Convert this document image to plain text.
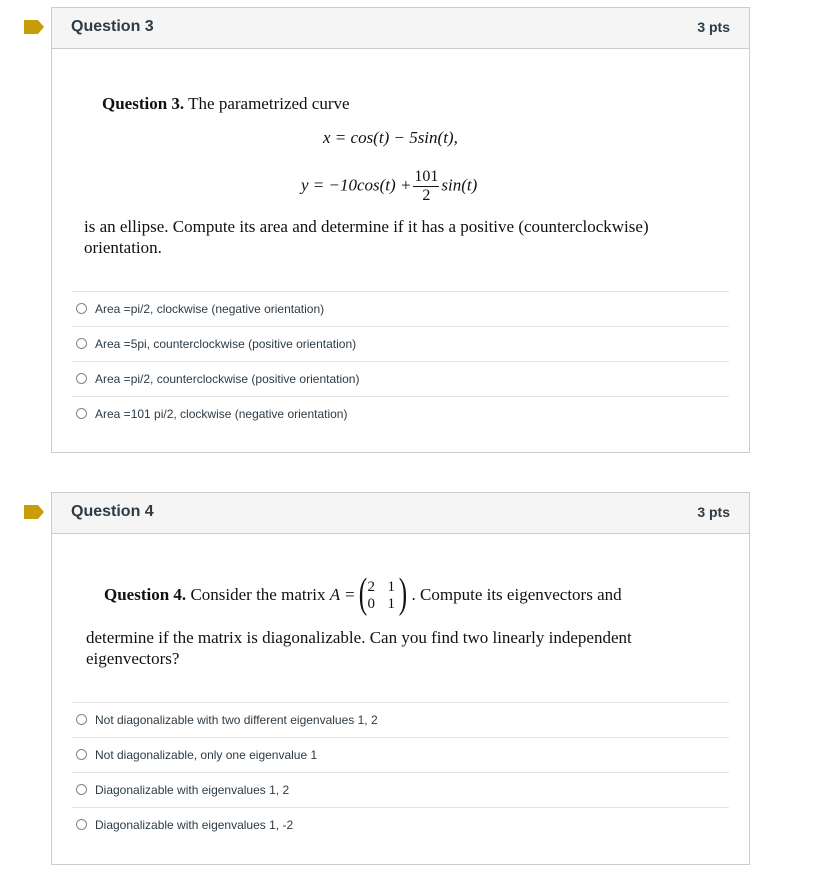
Question 3	3 pts
Question 3. The parametrized curve
x = cos(t) − 5sin(t),
$y = -10\cos(t) + \frac{101}{2} \sin(t)$
is an ellipse. Compute its area and determine if it has a positive (counterclockwise)
orientation.
Area =pi/2, clockwise (negative orientation)
Area =5pi, counterclockwise (positive orientation)
Area =pi/2, counterclockwise (positive orientation)
Area =101 pi/2, clockwise (negative orientation)
Question 4	3 pts
Question 4. Consider the matrix A = ( 2 1
0 1 ) . Compute its eigenvectors and
determine if the matrix is diagonalizable. Can you find two linearly independent
eigenvectors?
Not diagonalizable with two different eigenvalues 1, 2
Not diagonalizable, only one eigenvalue 1
Diagonalizable with eigenvalues 1, 2
Diagonalizable with eigenvalues 1, -2
